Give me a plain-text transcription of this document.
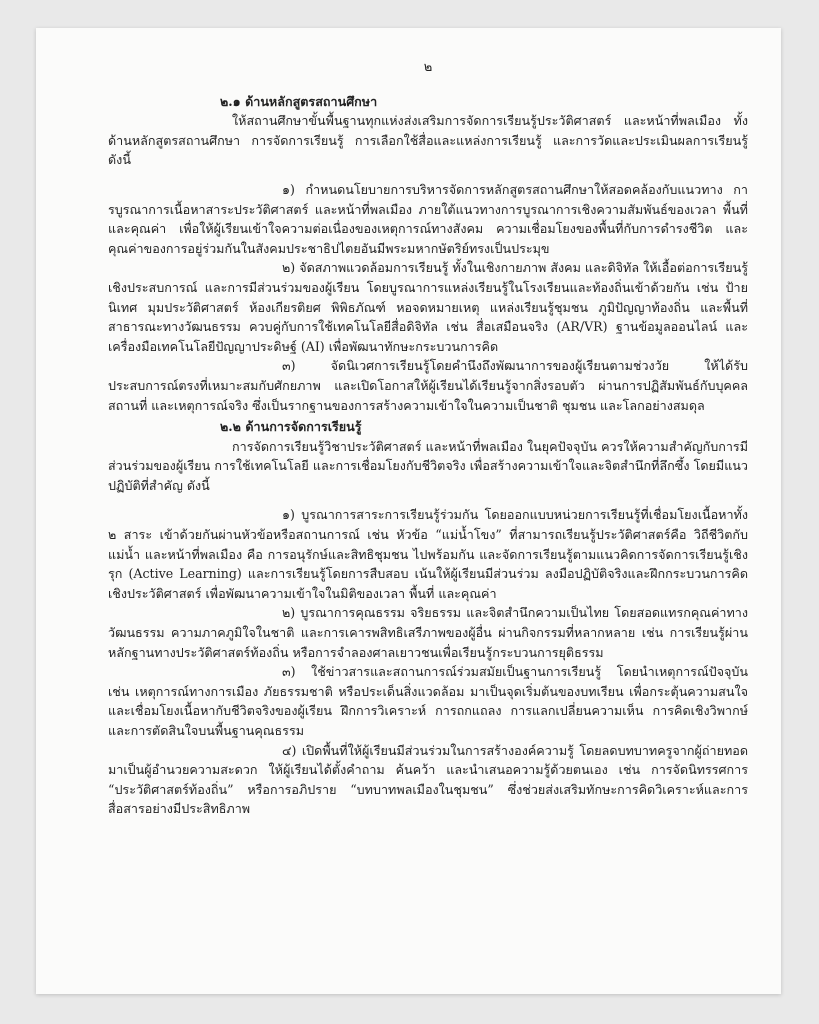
๒
๒.๑ ด้านหลักสูตรสถานศึกษา

ให้สถานศึกษาขั้นพื้นฐานทุกแห่งส่งเสริมการจัดการเรียนรู้ประวัติศาสตร์ และหน้าที่พลเมือง ทั้งด้านหลักสูตรสถานศึกษา การจัดการเรียนรู้ การเลือกใช้สื่อและแหล่งการเรียนรู้ และการวัดและประเมินผลการเรียนรู้ ดังนี้

๑) กำหนดนโยบายการบริหารจัดการหลักสูตรสถานศึกษาให้สอดคล้องกับแนวทาง การบูรณาการเนื้อหาสาระประวัติศาสตร์ และหน้าที่พลเมือง ภายใต้แนวทางการบูรณาการเชิงความสัมพันธ์ของเวลา พื้นที่ และคุณค่า เพื่อให้ผู้เรียนเข้าใจความต่อเนื่องของเหตุการณ์ทางสังคม ความเชื่อมโยงของพื้นที่กับการดำรงชีวิต และคุณค่าของการอยู่ร่วมกันในสังคมประชาธิปไตยอันมีพระมหากษัตริย์ทรงเป็นประมุข

๒) จัดสภาพแวดล้อมการเรียนรู้ ทั้งในเชิงกายภาพ สังคม และดิจิทัล ให้เอื้อต่อการเรียนรู้เชิงประสบการณ์ และการมีส่วนร่วมของผู้เรียน โดยบูรณาการแหล่งเรียนรู้ในโรงเรียนและท้องถิ่นเข้าด้วยกัน เช่น ป้ายนิเทศ มุมประวัติศาสตร์ ห้องเกียรติยศ พิพิธภัณฑ์ หอจดหมายเหตุ แหล่งเรียนรู้ชุมชน ภูมิปัญญาท้องถิ่น และพื้นที่สาธารณะทางวัฒนธรรม ควบคู่กับการใช้เทคโนโลยีสื่อดิจิทัล เช่น สื่อเสมือนจริง (AR/VR) ฐานข้อมูลออนไลน์ และเครื่องมือเทคโนโลยีปัญญาประดิษฐ์ (AI) เพื่อพัฒนาทักษะกระบวนการคิด

๓) จัดนิเวศการเรียนรู้โดยคำนึงถึงพัฒนาการของผู้เรียนตามช่วงวัย ให้ได้รับประสบการณ์ตรงที่เหมาะสมกับศักยภาพ และเปิดโอกาสให้ผู้เรียนได้เรียนรู้จากสิ่งรอบตัว ผ่านการปฏิสัมพันธ์กับบุคคล สถานที่ และเหตุการณ์จริง ซึ่งเป็นรากฐานของการสร้างความเข้าใจในความเป็นชาติ ชุมชน และโลกอย่างสมดุล

๒.๒ ด้านการจัดการเรียนรู้

การจัดการเรียนรู้วิชาประวัติศาสตร์ และหน้าที่พลเมือง ในยุคปัจจุบัน ควรให้ความสำคัญกับการมีส่วนร่วมของผู้เรียน การใช้เทคโนโลยี และการเชื่อมโยงกับชีวิตจริง เพื่อสร้างความเข้าใจและจิตสำนึกที่ลึกซึ้ง โดยมีแนวปฏิบัติที่สำคัญ ดังนี้

๑) บูรณาการสาระการเรียนรู้ร่วมกัน โดยออกแบบหน่วยการเรียนรู้ที่เชื่อมโยงเนื้อหาทั้ง ๒ สาระ เข้าด้วยกันผ่านหัวข้อหรือสถานการณ์ เช่น หัวข้อ “แม่น้ำโขง” ที่สามารถเรียนรู้ประวัติศาสตร์คือ วิถีชีวิตกับแม่น้ำ และหน้าที่พลเมือง คือ การอนุรักษ์และสิทธิชุมชน ไปพร้อมกัน และจัดการเรียนรู้ตามแนวคิดการจัดการเรียนรู้เชิงรุก (Active Learning) และการเรียนรู้โดยการสืบสอบ เน้นให้ผู้เรียนมีส่วนร่วม ลงมือปฏิบัติจริงและฝึกกระบวนการคิดเชิงประวัติศาสตร์ เพื่อพัฒนาความเข้าใจในมิติของเวลา พื้นที่ และคุณค่า

๒) บูรณาการคุณธรรม จริยธรรม และจิตสำนึกความเป็นไทย โดยสอดแทรกคุณค่าทางวัฒนธรรม ความภาคภูมิใจในชาติ และการเคารพสิทธิเสรีภาพของผู้อื่น ผ่านกิจกรรมที่หลากหลาย เช่น การเรียนรู้ผ่านหลักฐานทางประวัติศาสตร์ท้องถิ่น หรือการจำลองศาลเยาวชนเพื่อเรียนรู้กระบวนการยุติธรรม

๓) ใช้ข่าวสารและสถานการณ์ร่วมสมัยเป็นฐานการเรียนรู้ โดยนำเหตุการณ์ปัจจุบัน เช่น เหตุการณ์ทางการเมือง ภัยธรรมชาติ หรือประเด็นสิ่งแวดล้อม มาเป็นจุดเริ่มต้นของบทเรียน เพื่อกระตุ้นความสนใจและเชื่อมโยงเนื้อหากับชีวิตจริงของผู้เรียน ฝึกการวิเคราะห์ การถกแถลง การแลกเปลี่ยนความเห็น การคิดเชิงวิพากษ์ และการตัดสินใจบนพื้นฐานคุณธรรม

๔) เปิดพื้นที่ให้ผู้เรียนมีส่วนร่วมในการสร้างองค์ความรู้ โดยลดบทบาทครูจากผู้ถ่ายทอด มาเป็นผู้อำนวยความสะดวก ให้ผู้เรียนได้ตั้งคำถาม ค้นคว้า และนำเสนอความรู้ด้วยตนเอง เช่น การจัดนิทรรศการ “ประวัติศาสตร์ท้องถิ่น” หรือการอภิปราย “บทบาทพลเมืองในชุมชน” ซึ่งช่วยส่งเสริมทักษะการคิดวิเคราะห์และการสื่อสารอย่างมีประสิทธิภาพ
